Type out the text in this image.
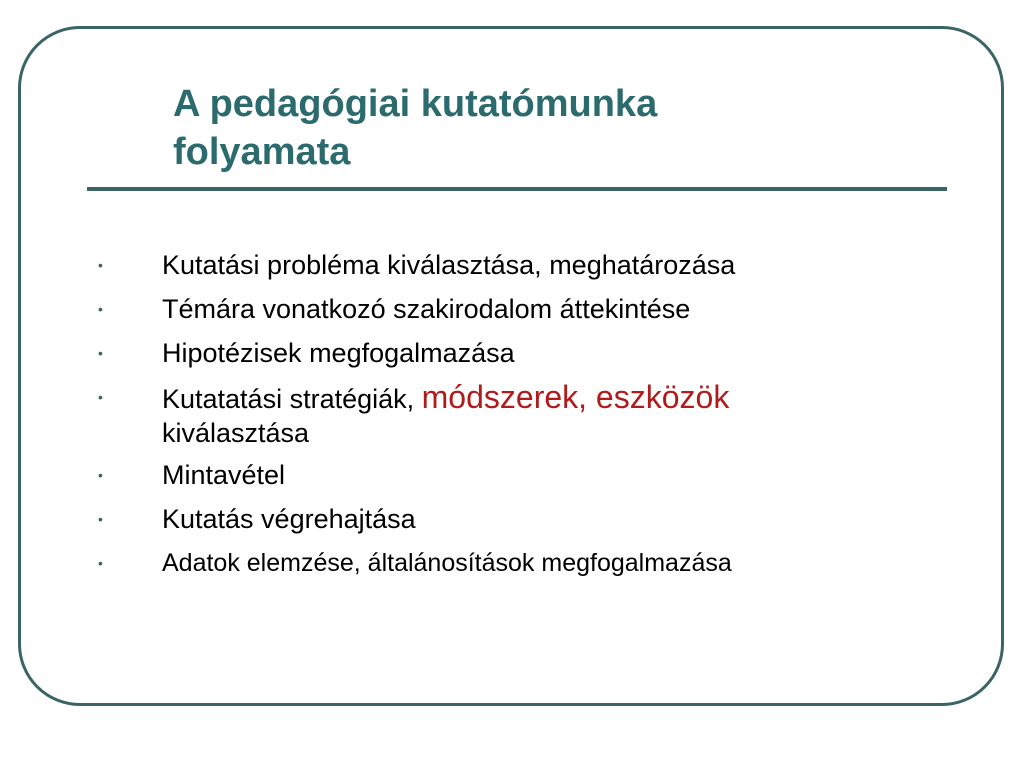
A pedagógiai kutatómunka
folyamata
• Kutatási probléma kiválasztása, meghatározása
• Témára vonatkozó szakirodalom áttekintése
• Hipotézisek megfogalmazása
• Kutatatási stratégiák, módszerek, eszközök
kiválasztása
• Mintavétel
• Kutatás végrehajtása
• Adatok elemzése, általánosítások megfogalmazása
